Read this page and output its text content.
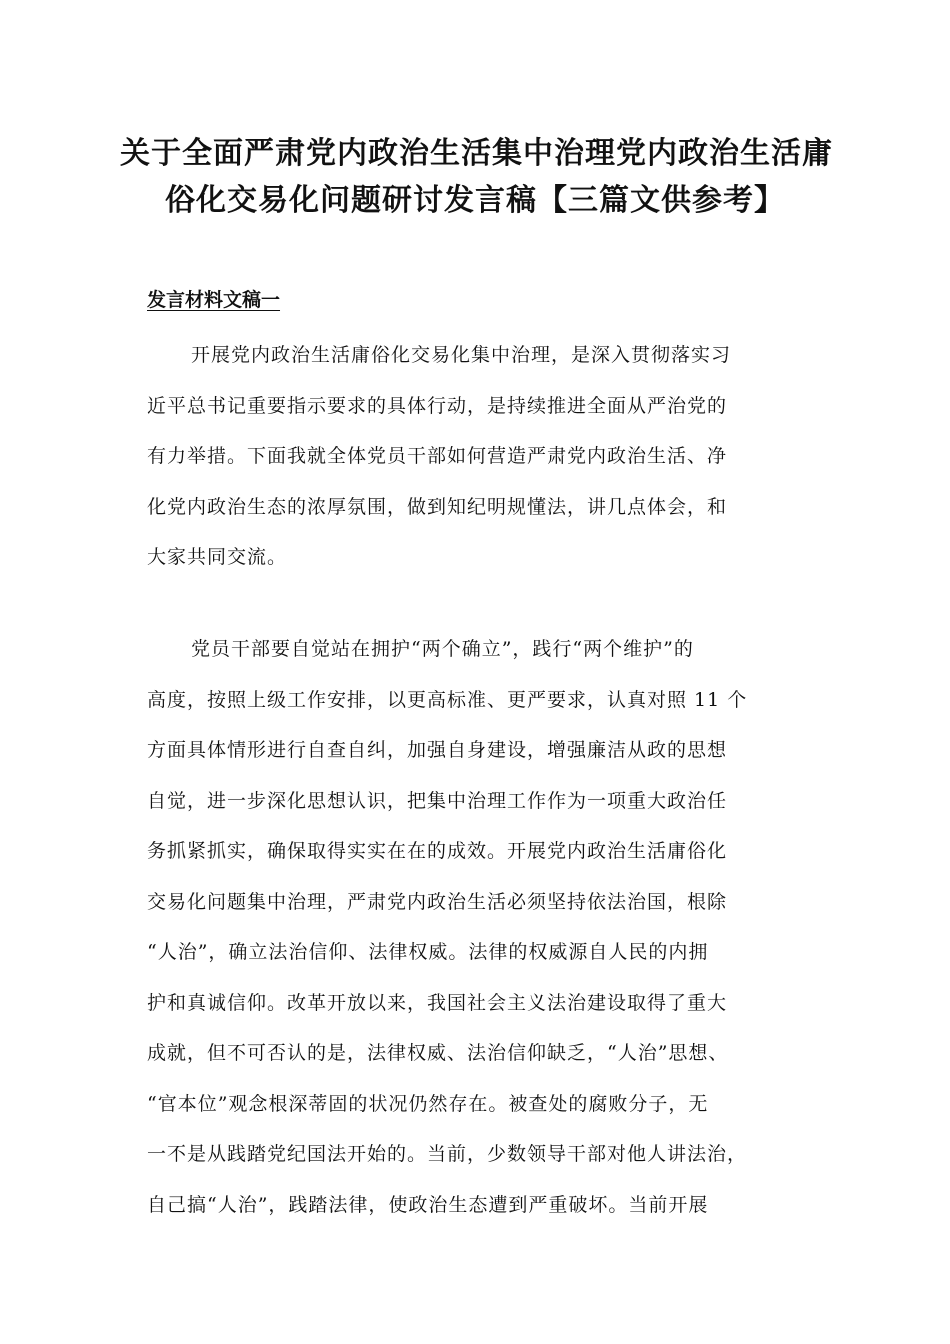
关于全面严肃党内政治生活集中治理党内政治生活庸
俗化交易化问题研讨发言稿【三篇文供参考】
发言材料文稿一
开展党内政治生活庸俗化交易化集中治理，是深入贯彻落实习
近平总书记重要指示要求的具体行动，是持续推进全面从严治党的
有力举措。下面我就全体党员干部如何营造严肃党内政治生活、净
化党内政治生态的浓厚氛围，做到知纪明规懂法，讲几点体会，和
大家共同交流。
党员干部要自觉站在拥护“两个确立”，践行“两个维护”的
高度，按照上级工作安排，以更高标准、更严要求，认真对照 11 个
方面具体情形进行自查自纠，加强自身建设，增强廉洁从政的思想
自觉，进一步深化思想认识，把集中治理工作作为一项重大政治任
务抓紧抓实，确保取得实实在在的成效。开展党内政治生活庸俗化
交易化问题集中治理，严肃党内政治生活必须坚持依法治国，根除
“人治”，确立法治信仰、法律权威。法律的权威源自人民的内拥
护和真诚信仰。改革开放以来，我国社会主义法治建设取得了重大
成就，但不可否认的是，法律权威、法治信仰缺乏，“人治”思想、
“官本位”观念根深蒂固的状况仍然存在。被查处的腐败分子，无
一不是从践踏党纪国法开始的。当前，少数领导干部对他人讲法治，
自己搞“人治”，践踏法律，使政治生态遭到严重破坏。当前开展
